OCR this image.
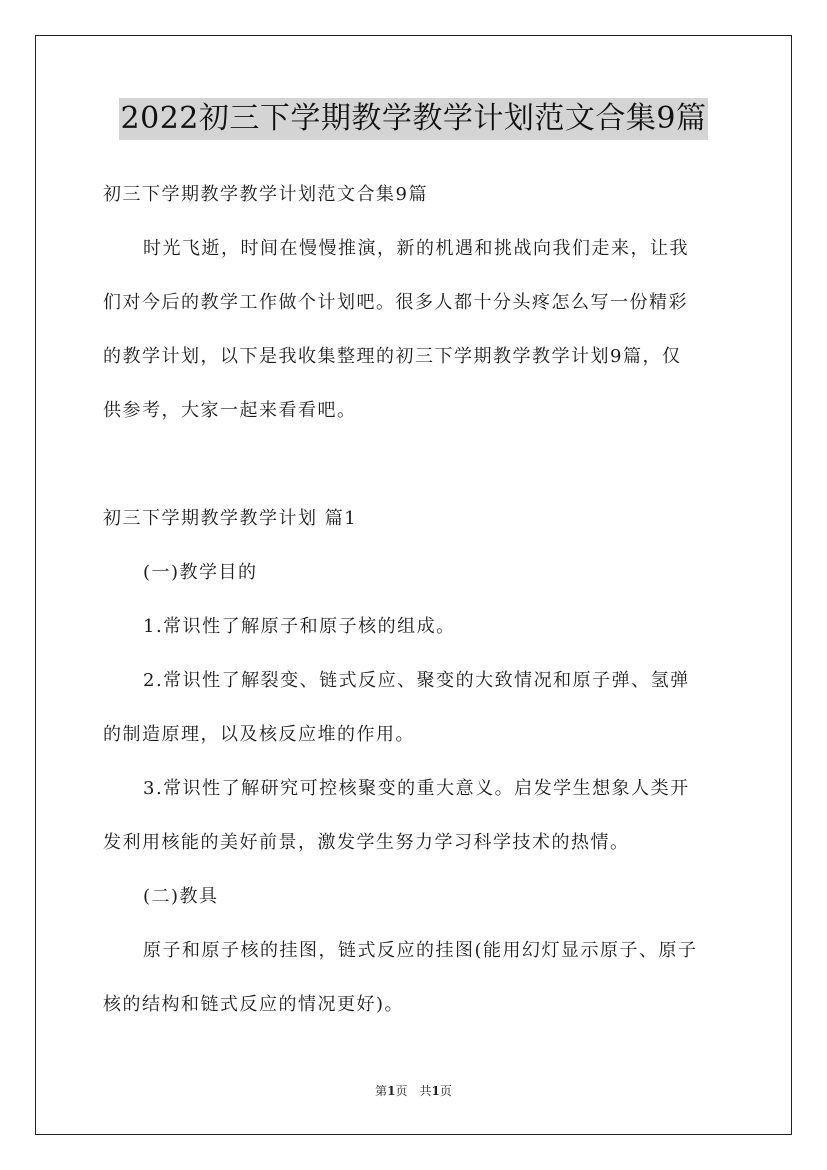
2022初三下学期教学教学计划范文合集9篇
初三下学期教学教学计划范文合集9篇
时光飞逝，时间在慢慢推演，新的机遇和挑战向我们走来，让我
们对今后的教学工作做个计划吧。很多人都十分头疼怎么写一份精彩
的教学计划，以下是我收集整理的初三下学期教学教学计划9篇，仅
供参考，大家一起来看看吧。
初三下学期教学教学计划 篇1
(一)教学目的
1.常识性了解原子和原子核的组成。
2.常识性了解裂变、链式反应、聚变的大致情况和原子弹、氢弹
的制造原理，以及核反应堆的作用。
3.常识性了解研究可控核聚变的重大意义。启发学生想象人类开
发利用核能的美好前景，激发学生努力学习科学技术的热情。
(二)教具
原子和原子核的挂图，链式反应的挂图(能用幻灯显示原子、原子
核的结构和链式反应的情况更好)。
第1页 共1页
